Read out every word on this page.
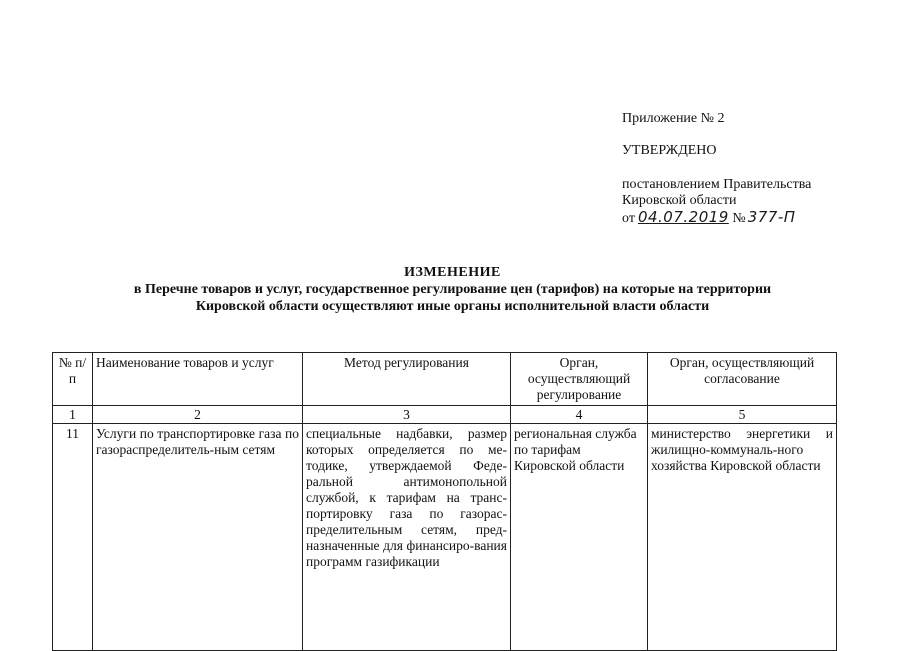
Приложение № 2
УТВЕРЖДЕНО
постановлением Правительства
Кировской области
от 04.07.2019 № 377-П
ИЗМЕНЕНИЕ
в Перечне товаров и услуг, государственное регулирование цен (тарифов) на которые на территории
Кировской области осуществляют иные органы исполнительной власти области
№ п/п	Наименование товаров и услуг	Метод регулирования	Орган, осуществляющий регулирование	Орган, осуществляющий согласование
1	2	3	4	5
11	Услуги по транспортировке газа по газораспределитель-ным сетям	специальные надбавки, размер которых определяется по ме-тодике, утверждаемой Феде-ральной антимонопольной службой, к тарифам на транс-портировку газа по газорас-пределительным сетям, пред-назначенные для финансиро-вания программ газификации	региональная служба по тарифам Кировской области	министерство энергетики и жилищно-коммуналь-ного хозяйства Кировской области
